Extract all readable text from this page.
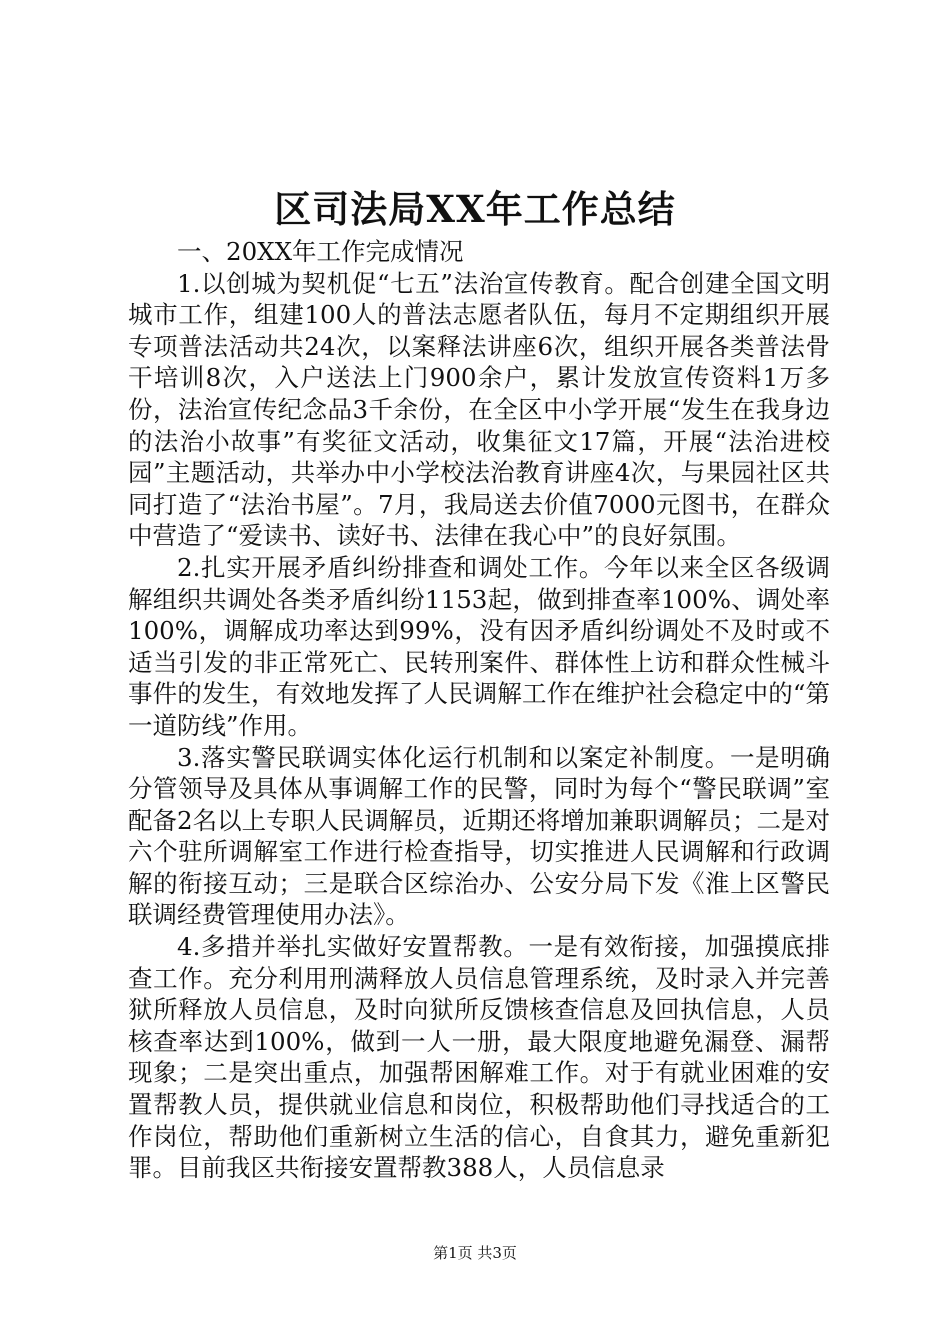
区司法局XX年工作总结

一、20XX年工作完成情况

1.以创城为契机促“七五”法治宣传教育。配合创建全国文明城市工作，组建100人的普法志愿者队伍，每月不定期组织开展专项普法活动共24次，以案释法讲座6次，组织开展各类普法骨干培训8次，入户送法上门900余户，累计发放宣传资料1万多份，法治宣传纪念品3千余份，在全区中小学开展“发生在我身边的法治小故事”有奖征文活动，收集征文17篇，开展“法治进校园”主题活动，共举办中小学校法治教育讲座4次，与果园社区共同打造了“法治书屋”。7月，我局送去价值7000元图书，在群众中营造了“爱读书、读好书、法律在我心中”的良好氛围。

2.扎实开展矛盾纠纷排查和调处工作。今年以来全区各级调解组织共调处各类矛盾纠纷1153起，做到排查率100%、调处率100%，调解成功率达到99%，没有因矛盾纠纷调处不及时或不适当引发的非正常死亡、民转刑案件、群体性上访和群众性械斗事件的发生，有效地发挥了人民调解工作在维护社会稳定中的“第一道防线”作用。

3.落实警民联调实体化运行机制和以案定补制度。一是明确分管领导及具体从事调解工作的民警，同时为每个“警民联调”室配备2名以上专职人民调解员，近期还将增加兼职调解员；二是对六个驻所调解室工作进行检查指导，切实推进人民调解和行政调解的衔接互动；三是联合区综治办、公安分局下发《淮上区警民联调经费管理使用办法》。

4.多措并举扎实做好安置帮教。一是有效衔接，加强摸底排查工作。充分利用刑满释放人员信息管理系统，及时录入并完善狱所释放人员信息，及时向狱所反馈核查信息及回执信息，人员核查率达到100%，做到一人一册，最大限度地避免漏登、漏帮现象；二是突出重点，加强帮困解难工作。对于有就业困难的安置帮教人员，提供就业信息和岗位，积极帮助他们寻找适合的工作岗位，帮助他们重新树立生活的信心，自食其力，避免重新犯罪。目前我区共衔接安置帮教388人，人员信息录

第1页 共3页
